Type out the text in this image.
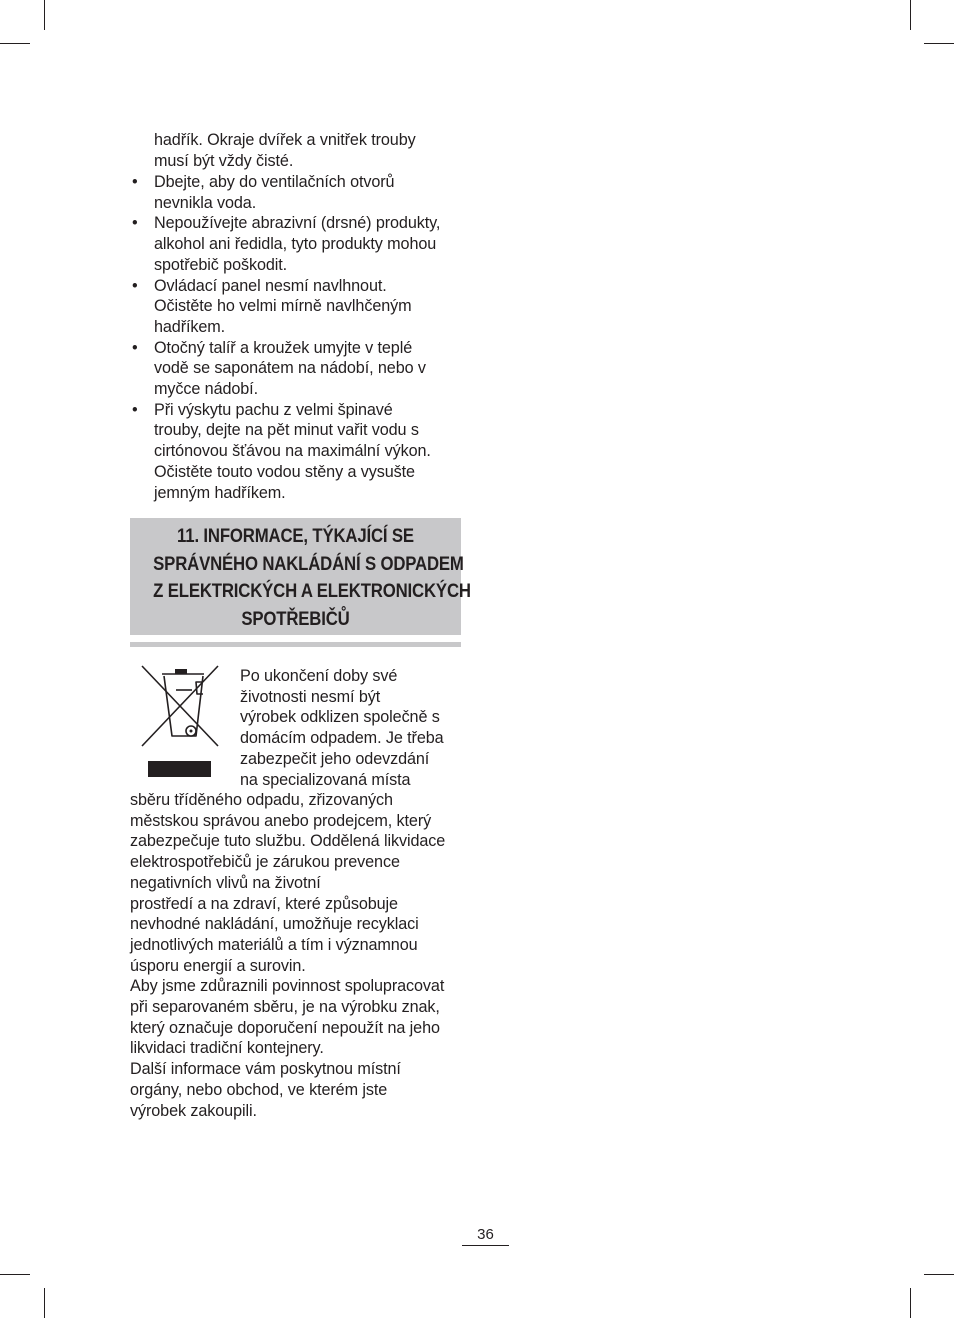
hadřík. Okraje dvířek a vnitřek trouby
musí být vždy čisté.
• Dbejte, aby do ventilačních otvorů
nevnikla voda.
• Nepoužívejte abrazivní (drsné) produkty,
alkohol ani ředidla, tyto produkty mohou
spotřebič poškodit.
• Ovládací panel nesmí navlhnout.
Očistěte ho velmi mírně navlhčeným
hadříkem.
• Otočný talíř a kroužek umyjte v teplé
vodě se saponátem na nádobí, nebo v
myčce nádobí.
• Při výskytu pachu z velmi špinavé
trouby, dejte na pět minut vařit vodu s
cirtónovou šťávou na maximální výkon.
Očistěte touto vodou stěny a vysušte
jemným hadříkem.
11. INFORMACE, TÝKAJÍCÍ SE
SPRÁVNÉHO NAKLÁDÁNÍ S ODPADEM
Z ELEKTRICKÝCH A ELEKTRONICKÝCH
SPOTŘEBIČŮ
Po ukončení doby své
životnosti nesmí být
výrobek odklizen společně s
domácím odpadem. Je třeba
zabezpečit jeho odevzdání
na specializovaná místa
sběru tříděného odpadu, zřizovaných
městskou správou anebo prodejcem, který
zabezpečuje tuto službu. Oddělená likvidace
elektrospotřebičů je zárukou prevence
negativních vlivů na životní
prostředí a na zdraví, které způsobuje
nevhodné nakládání, umožňuje recyklaci
jednotlivých materiálů a tím i významnou
úsporu energií a surovin.
Aby jsme zdůraznili povinnost spolupracovat
při separovaném sběru, je na výrobku znak,
který označuje doporučení nepoužít na jeho
likvidaci tradiční kontejnery.
Další informace vám poskytnou místní
orgány, nebo obchod, ve kterém jste
výrobek zakoupili.
36
